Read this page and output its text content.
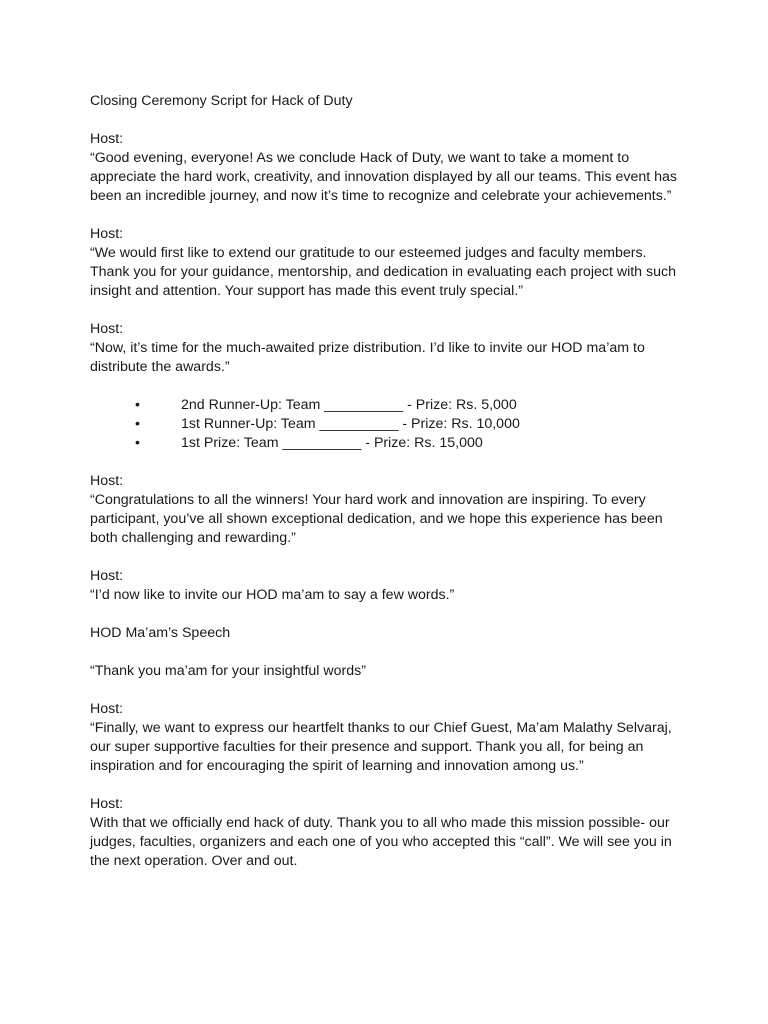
Closing Ceremony Script for Hack of Duty

Host:

“Good evening, everyone! As we conclude Hack of Duty, we want to take a moment to appreciate the hard work, creativity, and innovation displayed by all our teams. This event has been an incredible journey, and now it’s time to recognize and celebrate your achievements.”

Host:

“We would first like to extend our gratitude to our esteemed judges and faculty members. Thank you for your guidance, mentorship, and dedication in evaluating each project with such insight and attention. Your support has made this event truly special.”

Host:

“Now, it’s time for the much-awaited prize distribution. I’d like to invite our HOD ma’am to distribute the awards.”

•	2nd Runner-Up: Team __________ - Prize: Rs. 5,000
•	1st Runner-Up: Team __________ - Prize: Rs. 10,000
•	1st Prize: Team __________ - Prize: Rs. 15,000

Host:

“Congratulations to all the winners! Your hard work and innovation are inspiring. To every participant, you’ve all shown exceptional dedication, and we hope this experience has been both challenging and rewarding.”

Host:

“I’d now like to invite our HOD ma’am to say a few words.”

HOD Ma’am’s Speech

“Thank you ma’am for your insightful words”

Host:

“Finally, we want to express our heartfelt thanks to our Chief Guest, Ma’am Malathy Selvaraj, our super supportive faculties for their presence and support. Thank you all, for being an inspiration and for encouraging the spirit of learning and innovation among us.”

Host:

With that we officially end hack of duty. Thank you to all who made this mission possible- our judges, faculties, organizers and each one of you who accepted this “call”. We will see you in the next operation. Over and out.
